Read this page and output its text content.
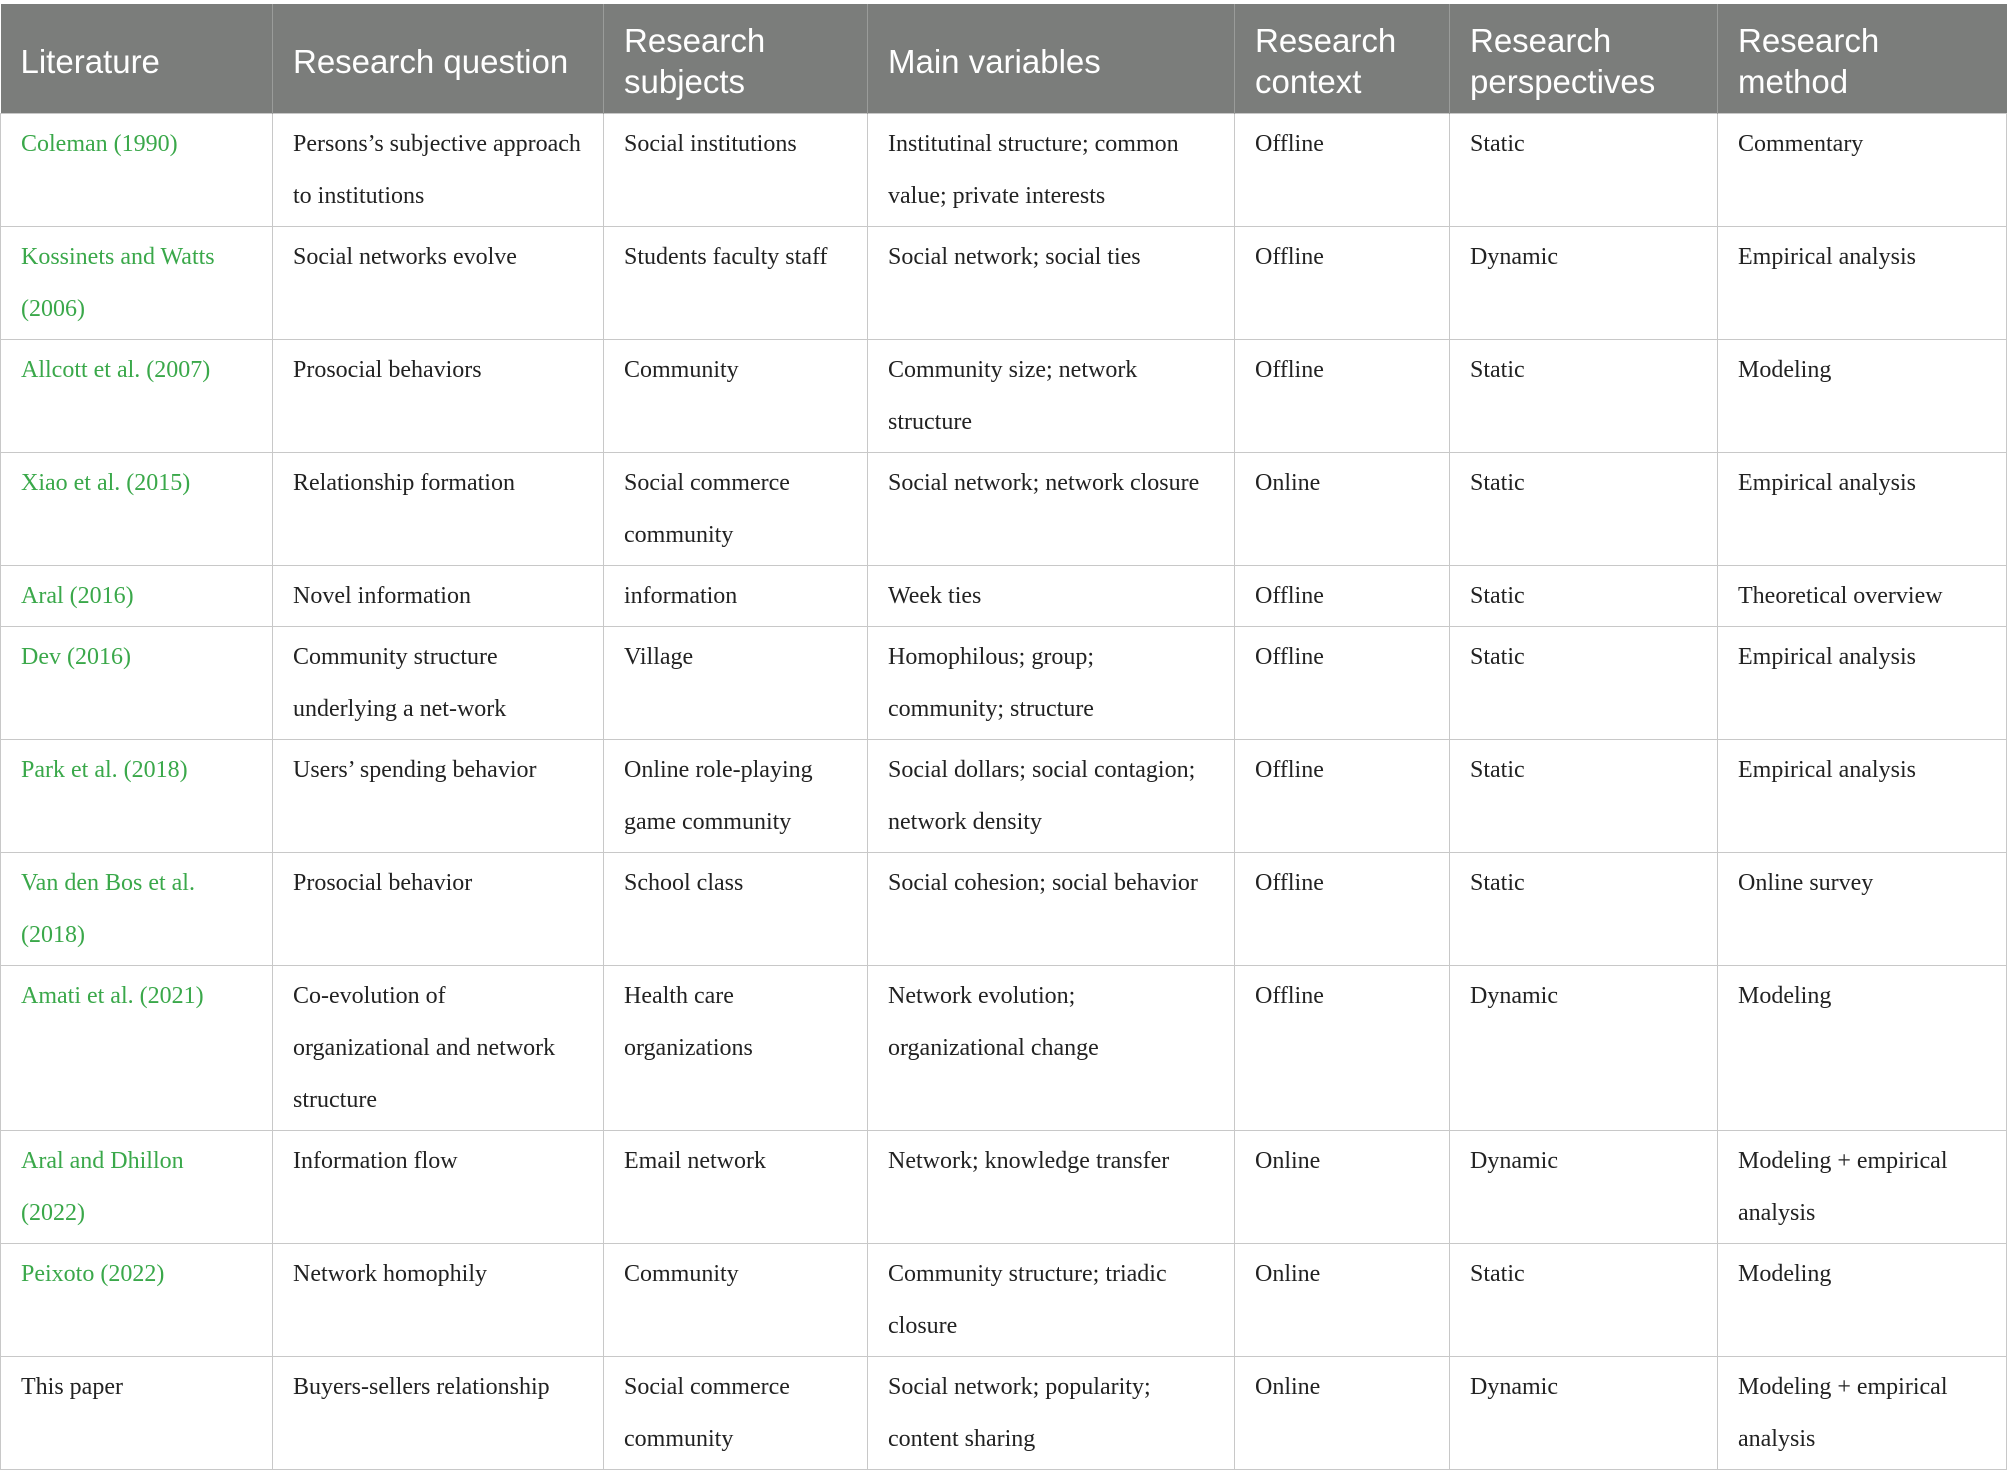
Literature	Research question	Research subjects	Main variables	Research context	Research perspectives	Research method
Coleman (1990)	Persons’s subjective approach to institutions	Social institutions	Institutinal structure; common value; private interests	Offline	Static	Commentary
Kossinets and Watts (2006)	Social networks evolve	Students faculty staff	Social network; social ties	Offline	Dynamic	Empirical analysis
Allcott et al. (2007)	Prosocial behaviors	Community	Community size; network structure	Offline	Static	Modeling
Xiao et al. (2015)	Relationship formation	Social commerce community	Social network; network closure	Online	Static	Empirical analysis
Aral (2016)	Novel information	information	Week ties	Offline	Static	Theoretical overview
Dev (2016)	Community structure underlying a net-work	Village	Homophilous; group; community; structure	Offline	Static	Empirical analysis
Park et al. (2018)	Users’ spending behavior	Online role-playing game community	Social dollars; social contagion; network density	Offline	Static	Empirical analysis
Van den Bos et al. (2018)	Prosocial behavior	School class	Social cohesion; social behavior	Offline	Static	Online survey
Amati et al. (2021)	Co-evolution of organizational and network structure	Health care organizations	Network evolution; organizational change	Offline	Dynamic	Modeling
Aral and Dhillon (2022)	Information flow	Email network	Network; knowledge transfer	Online	Dynamic	Modeling + empirical analysis
Peixoto (2022)	Network homophily	Community	Community structure; triadic closure	Online	Static	Modeling
This paper	Buyers-sellers relationship	Social commerce community	Social network; popularity; content sharing	Online	Dynamic	Modeling + empirical analysis
